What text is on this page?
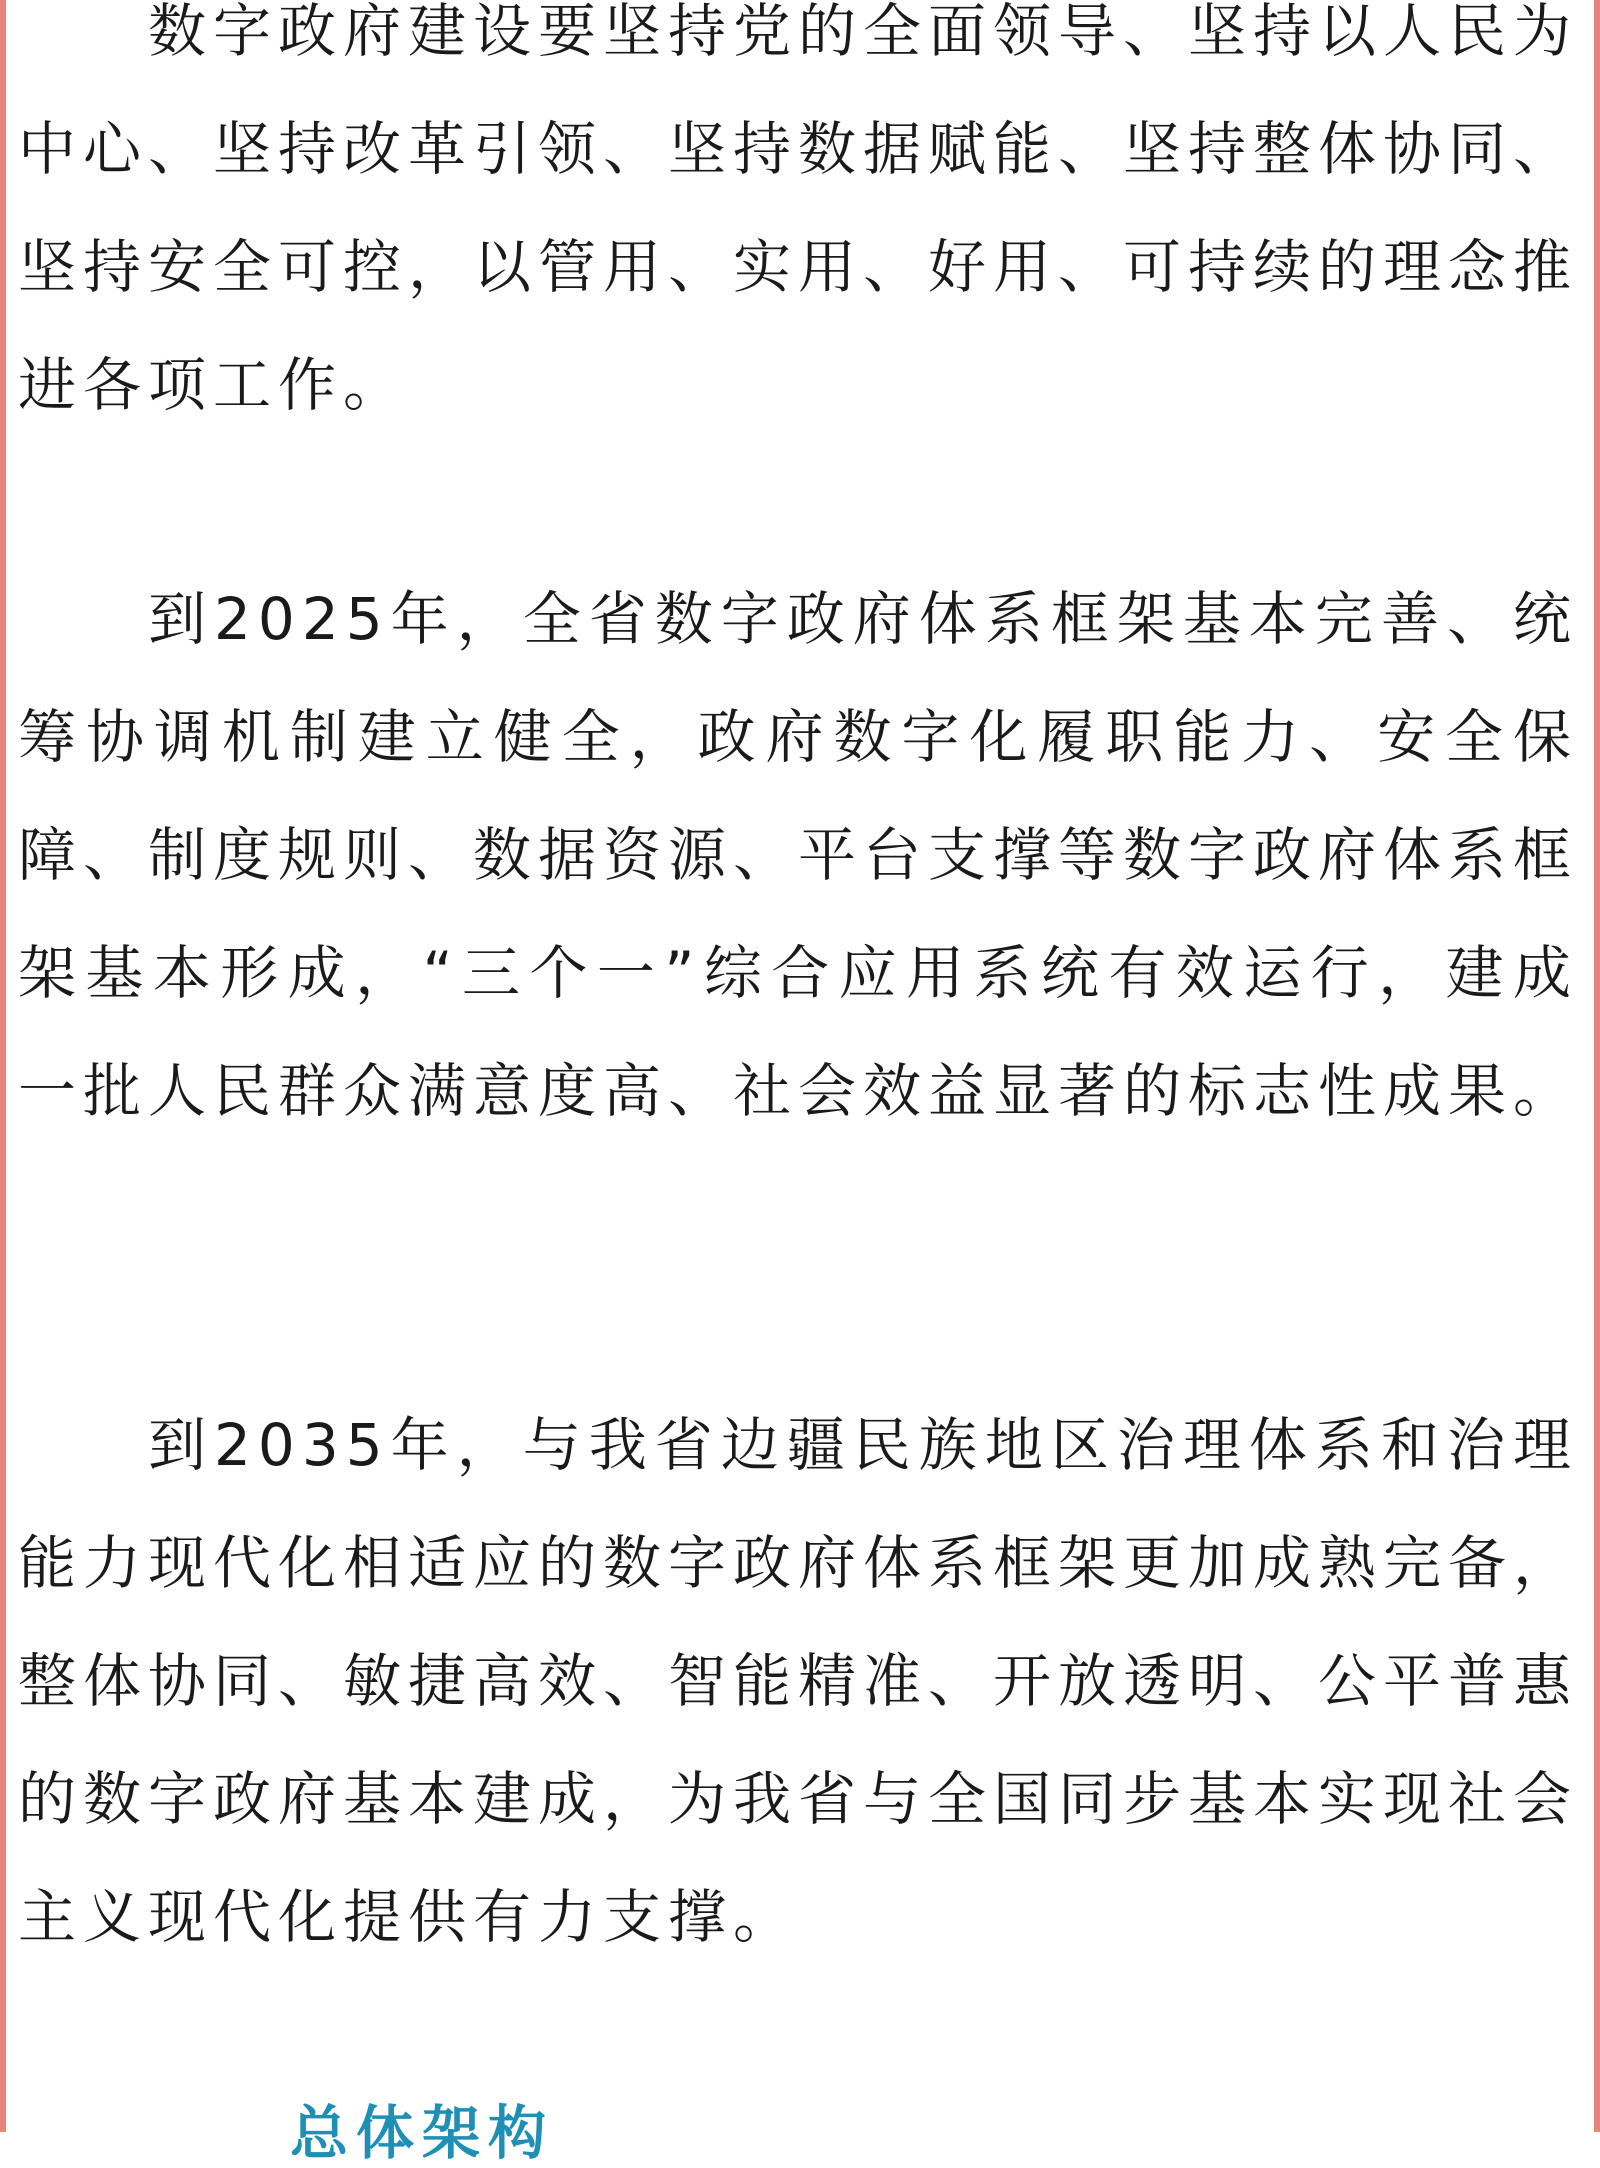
数字政府建设要坚持党的全面领导、坚持以人民为中心、坚持改革引领、坚持数据赋能、坚持整体协同、坚持安全可控，以管用、实用、好用、可持续的理念推进各项工作。

到2025年，全省数字政府体系框架基本完善、统筹协调机制建立健全，政府数字化履职能力、安全保障、制度规则、数据资源、平台支撑等数字政府体系框架基本形成，“三个一”综合应用系统有效运行，建成一批人民群众满意度高、社会效益显著的标志性成果。

到2035年，与我省边疆民族地区治理体系和治理能力现代化相适应的数字政府体系框架更加成熟完备，整体协同、敏捷高效、智能精准、开放透明、公平普惠的数字政府基本建成，为我省与全国同步基本实现社会主义现代化提供有力支撑。

总体架构
